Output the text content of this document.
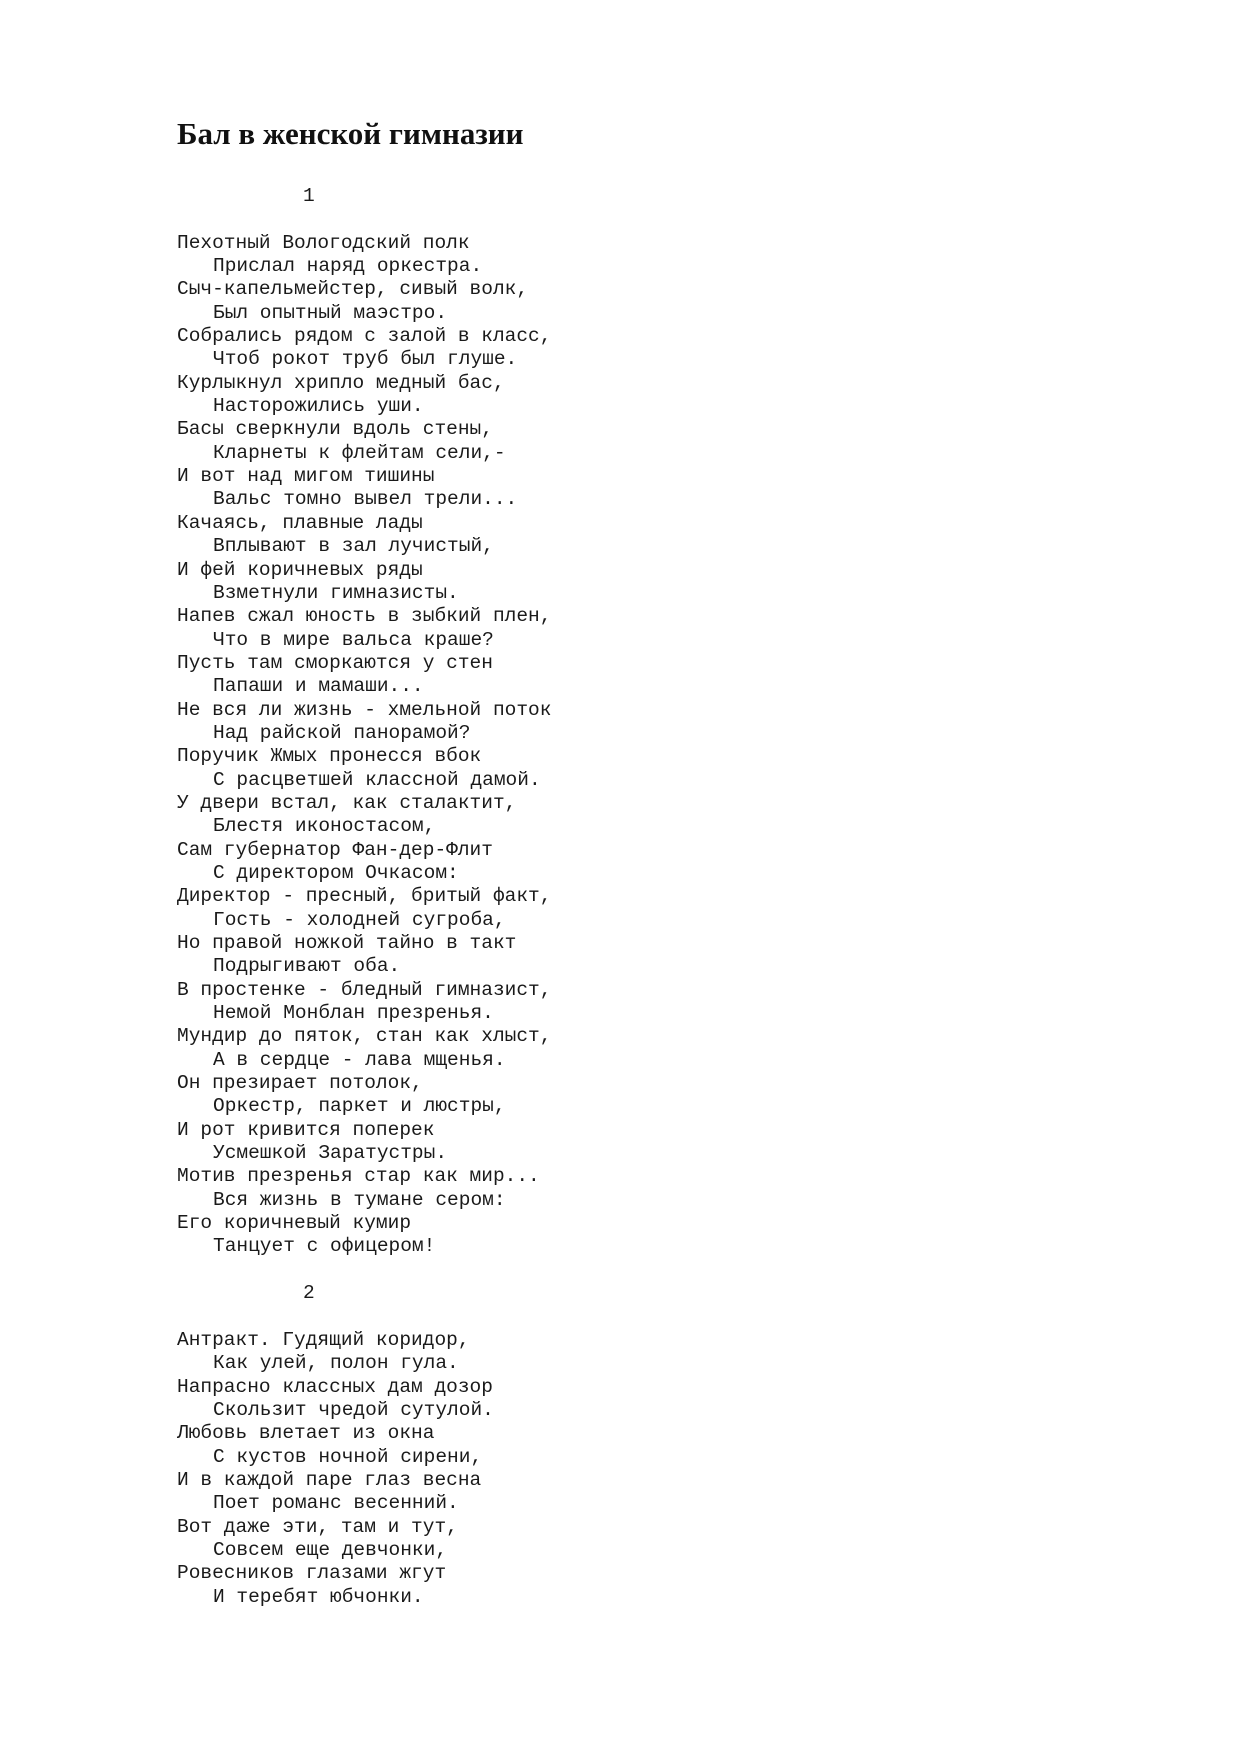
Бал в женской гимназии
1
Пехотный Вологодский полк
Прислал наряд оркестра.
Сыч-капельмейстер, сивый волк,
Был опытный маэстро.
Собрались рядом с залой в класс,
Чтоб рокот труб был глуше.
Курлыкнул хрипло медный бас,
Насторожились уши.
Басы сверкнули вдоль стены,
Кларнеты к флейтам сели,-
И вот над мигом тишины
Вальс томно вывел трели...
Качаясь, плавные лады
Вплывают в зал лучистый,
И фей коричневых ряды
Взметнули гимназисты.
Напев сжал юность в зыбкий плен,
Что в мире вальса краше?
Пусть там сморкаются у стен
Папаши и мамаши...
Не вся ли жизнь - хмельной поток
Над райской панорамой?
Поручик Жмых пронесся вбок
С расцветшей классной дамой.
У двери встал, как сталактит,
Блестя иконостасом,
Сам губернатор Фан-дер-Флит
С директором Очкасом:
Директор - пресный, бритый факт,
Гость - холодней сугроба,
Но правой ножкой тайно в такт
Подрыгивают оба.
В простенке - бледный гимназист,
Немой Монблан презренья.
Мундир до пяток, стан как хлыст,
А в сердце - лава мщенья.
Он презирает потолок,
Оркестр, паркет и люстры,
И рот кривится поперек
Усмешкой Заратустры.
Мотив презренья стар как мир...
Вся жизнь в тумане сером:
Его коричневый кумир
Танцует с офицером!
2
Антракт. Гудящий коридор,
Как улей, полон гула.
Напрасно классных дам дозор
Скользит чредой сутулой.
Любовь влетает из окна
С кустов ночной сирени,
И в каждой паре глаз весна
Поет романс весенний.
Вот даже эти, там и тут,
Совсем еще девчонки,
Ровесников глазами жгут
И теребят юбчонки.
